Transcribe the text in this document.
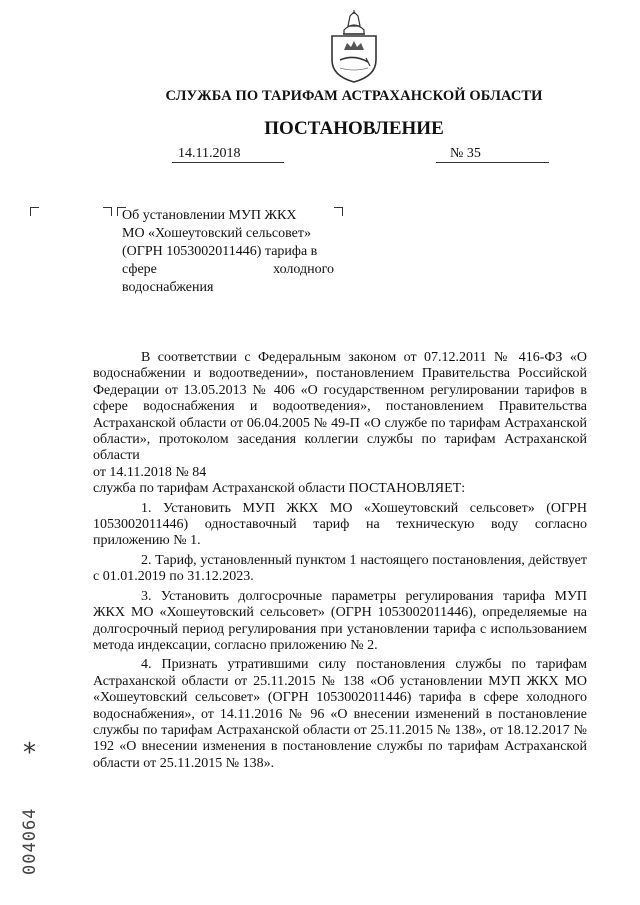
СЛУЖБА ПО ТАРИФАМ АСТРАХАНСКОЙ ОБЛАСТИ
ПОСТАНОВЛЕНИЕ
14.11.2018	№ 35
Об установлении МУП ЖКХ
МО «Хошеутовский сельсовет»
(ОГРН 1053002011446) тарифа в
сфере холодного
водоснабжения

В соответствии с Федеральным законом от 07.12.2011 № 416-ФЗ «О водоснабжении и водоотведении», постановлением Правительства Российской Федерации от 13.05.2013 № 406 «О государственном регулировании тарифов в сфере водоснабжения и водоотведения», постановлением Правительства Астраханской области от 06.04.2005 № 49-П «О службе по тарифам Астраханской области», протоколом заседания коллегии службы по тарифам Астраханской области

от 14.11.2018 № 84

служба по тарифам Астраханской области ПОСТАНОВЛЯЕТ:

1. Установить МУП ЖКХ МО «Хошеутовский сельсовет» (ОГРН 1053002011446) одноставочный тариф на техническую воду согласно приложению № 1.

2. Тариф, установленный пунктом 1 настоящего постановления, действует с 01.01.2019 по 31.12.2023.

3. Установить долгосрочные параметры регулирования тарифа МУП ЖКХ МО «Хошеутовский сельсовет» (ОГРН 1053002011446), определяемые на долгосрочный период регулирования при установлении тарифа с использованием метода индексации, согласно приложению № 2.

4. Признать утратившими силу постановления службы по тарифам Астраханской области от 25.11.2015 № 138 «Об установлении МУП ЖКХ МО «Хошеутовский сельсовет» (ОГРН 1053002011446) тарифа в сфере холодного водоснабжения», от 14.11.2016 № 96 «О внесении изменений в постановление службы по тарифам Астраханской области от 25.11.2015 № 138», от 18.12.2017 № 192 «О внесении изменения в постановление службы по тарифам Астраханской области от 25.11.2015 № 138».

*
004064
